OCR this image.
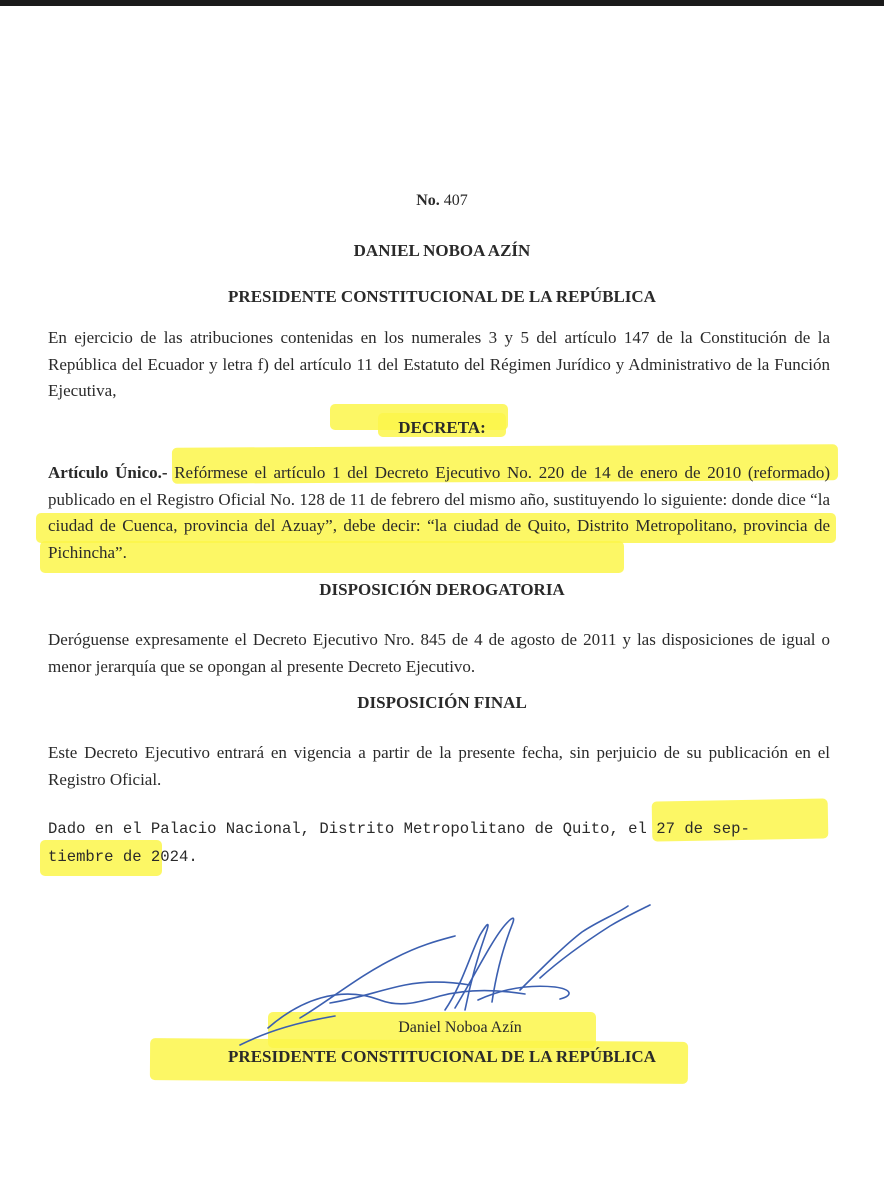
No. 407
DANIEL NOBOA AZÍN
PRESIDENTE CONSTITUCIONAL DE LA REPÚBLICA
En ejercicio de las atribuciones contenidas en los numerales 3 y 5 del artículo 147 de la Constitución de la República del Ecuador y letra f) del artículo 11 del Estatuto del Régimen Jurídico y Administrativo de la Función Ejecutiva,
DECRETA:
Artículo Único.- Refórmese el artículo 1 del Decreto Ejecutivo No. 220 de 14 de enero de 2010 (reformado) publicado en el Registro Oficial No. 128 de 11 de febrero del mismo año, sustituyendo lo siguiente: donde dice “la ciudad de Cuenca, provincia del Azuay”, debe decir: “la ciudad de Quito, Distrito Metropolitano, provincia de Pichincha”.
DISPOSICIÓN DEROGATORIA
Deróguense expresamente el Decreto Ejecutivo Nro. 845 de 4 de agosto de 2011 y las disposiciones de igual o menor jerarquía que se opongan al presente Decreto Ejecutivo.
DISPOSICIÓN FINAL
Este Decreto Ejecutivo entrará en vigencia a partir de la presente fecha, sin perjuicio de su publicación en el Registro Oficial.
Dado en el Palacio Nacional, Distrito Metropolitano de Quito, el 27 de sep-
tiembre de 2024.
Daniel Noboa Azín
PRESIDENTE CONSTITUCIONAL DE LA REPÚBLICA
